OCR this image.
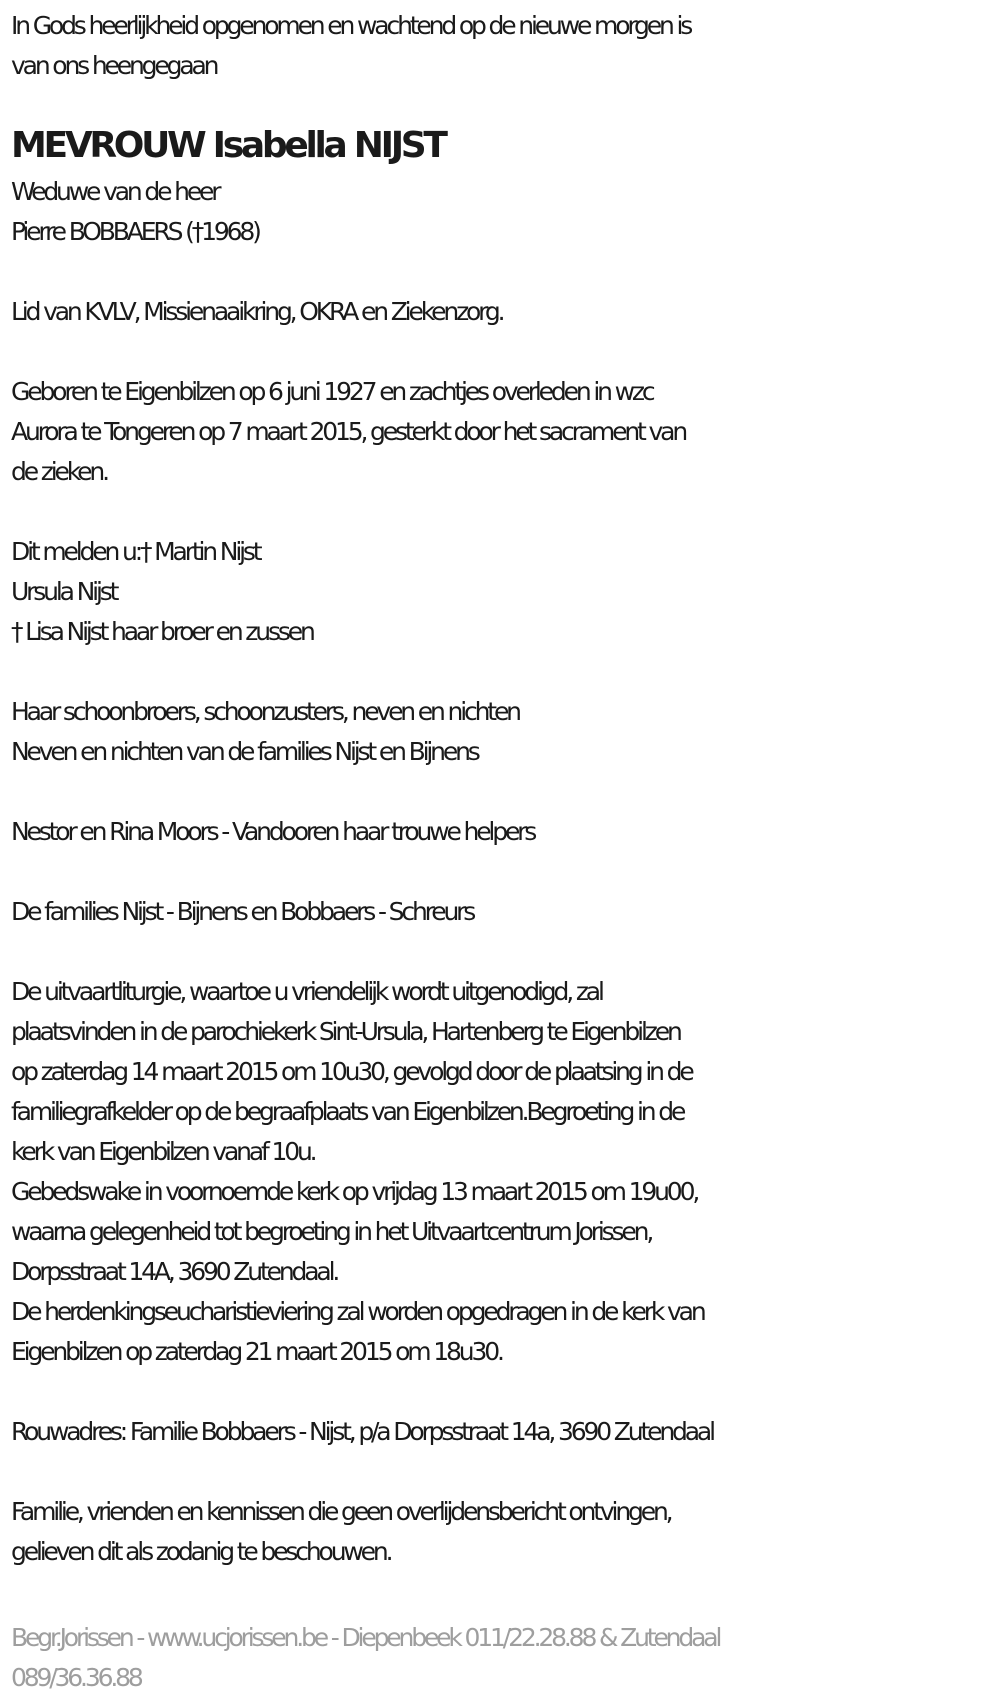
In Gods heerlijkheid opgenomen en wachtend op de nieuwe morgen is
van ons heengegaan
MEVROUW Isabella NIJST
Weduwe van de heer
Pierre BOBBAERS (†1968)
Lid van KVLV, Missienaaikring, OKRA en Ziekenzorg.
Geboren te Eigenbilzen op 6 juni 1927 en zachtjes overleden in wzc
Aurora te Tongeren op 7 maart 2015, gesterkt door het sacrament van
de zieken.
Dit melden u:† Martin Nijst
Ursula Nijst
† Lisa Nijst haar broer en zussen
Haar schoonbroers, schoonzusters, neven en nichten
Neven en nichten van de families Nijst en Bijnens
Nestor en Rina Moors - Vandooren haar trouwe helpers
De families Nijst - Bijnens en Bobbaers - Schreurs
De uitvaartliturgie, waartoe u vriendelijk wordt uitgenodigd, zal
plaatsvinden in de parochiekerk Sint-Ursula, Hartenberg te Eigenbilzen
op zaterdag 14 maart 2015 om 10u30, gevolgd door de plaatsing in de
familiegrafkelder op de begraafplaats van Eigenbilzen.Begroeting in de
kerk van Eigenbilzen vanaf 10u.
Gebedswake in voornoemde kerk op vrijdag 13 maart 2015 om 19u00,
waarna gelegenheid tot begroeting in het Uitvaartcentrum Jorissen,
Dorpsstraat 14A, 3690 Zutendaal.
De herdenkingseucharistieviering zal worden opgedragen in de kerk van
Eigenbilzen op zaterdag 21 maart 2015 om 18u30.
Rouwadres: Familie Bobbaers - Nijst, p/a Dorpsstraat 14a, 3690 Zutendaal
Familie, vrienden en kennissen die geen overlijdensbericht ontvingen,
gelieven dit als zodanig te beschouwen.
Begr.Jorissen - www.ucjorissen.be - Diepenbeek 011/22.28.88 & Zutendaal
089/36.36.88
